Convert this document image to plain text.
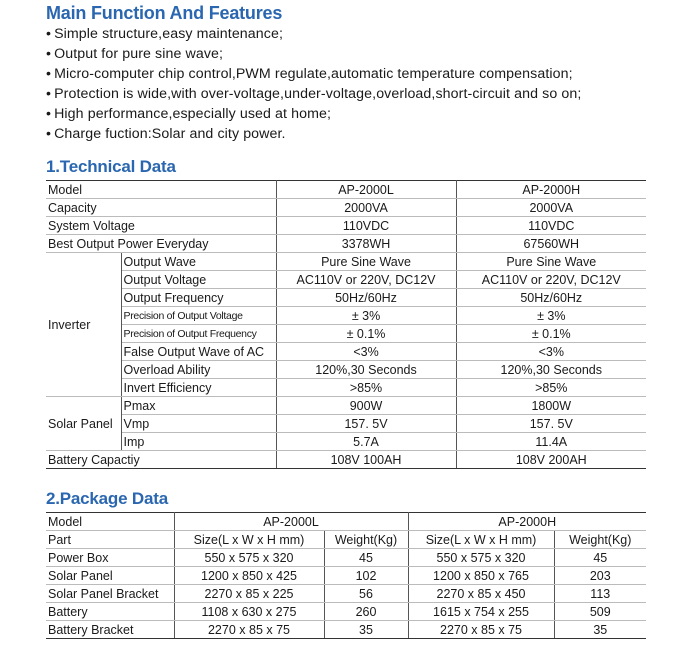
Main Function And Features
• Simple structure,easy maintenance;
• Output for pure sine wave;
• Micro-computer chip control,PWM regulate,automatic temperature compensation;
• Protection is wide,with over-voltage,under-voltage,overload,short-circuit and so on;
• High performance,especially used at home;
• Charge fuction:Solar and city power.
1.Technical Data
Model		AP-2000L	AP-2000H
Capacity		2000VA	2000VA
System Voltage		110VDC	110VDC
Best Output Power Everyday		3378WH	67560WH
Inverter	Output Wave	Pure Sine Wave	Pure Sine Wave
	Output Voltage	AC110V or 220V, DC12V	AC110V or 220V, DC12V
	Output Frequency	50Hz/60Hz	50Hz/60Hz
	Precision of Output Voltage	± 3%	± 3%
	Precision of Output Frequency	± 0.1%	± 0.1%
	False Output Wave of AC	<3%	<3%
	Overload Ability	120%,30 Seconds	120%,30 Seconds
	Invert Efficiency	>85%	>85%
Solar Panel	Pmax	900W	1800W
	Vmp	157. 5V	157. 5V
	Imp	5.7A	11.4A
Battery Capactiy		108V 100AH	108V 200AH
2.Package Data
Model	AP-2000L		AP-2000H	
Part	Size(L x W x H mm)	Weight(Kg)	Size(L x W x H mm)	Weight(Kg)
Power Box	550 x 575 x 320	45	550 x 575 x 320	45
Solar Panel	1200 x 850 x 425	102	1200 x 850 x 765	203
Solar Panel Bracket	2270 x 85 x 225	56	2270 x 85 x 450	113
Battery	1108 x 630 x 275	260	1615 x 754 x 255	509
Battery Bracket	2270 x 85 x 75	35	2270 x 85 x 75	35
